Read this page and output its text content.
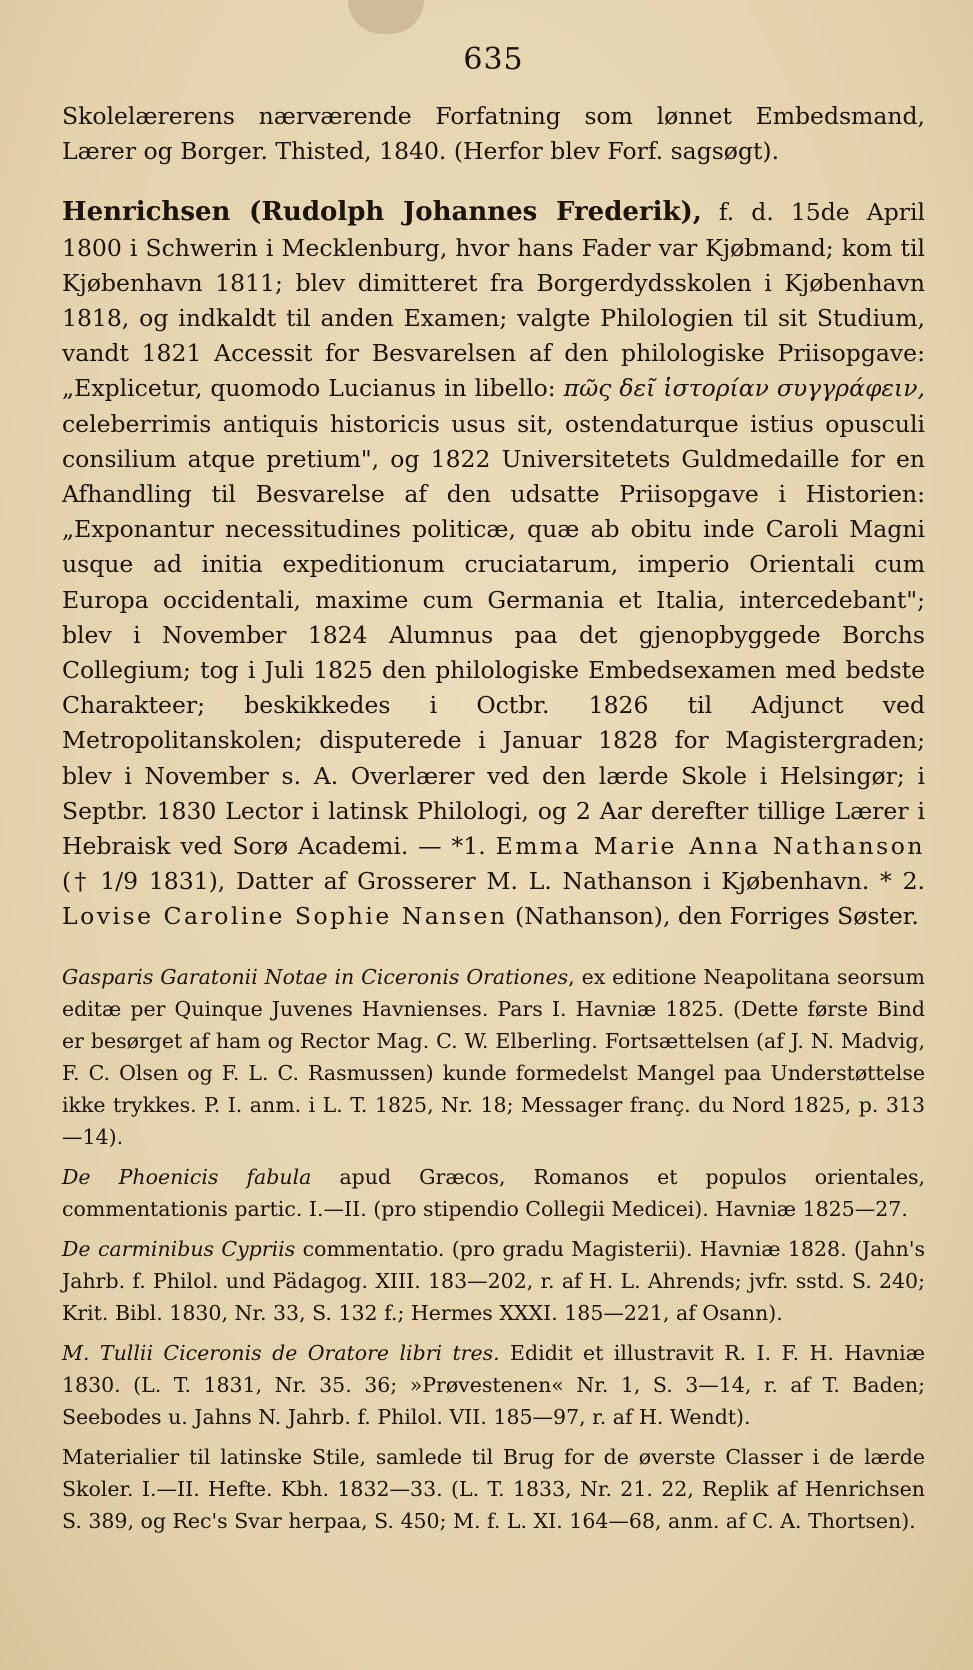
635

Skolelærerens nærværende Forfatning som lønnet Embedsmand, Lærer og Borger. Thisted, 1840. (Herfor blev Forf. sagsøgt).

Henrichsen (Rudolph Johannes Frederik), f. d. 15de April 1800 i Schwerin i Mecklenburg, hvor hans Fader var Kjøbmand; kom til Kjøbenhavn 1811; blev dimitteret fra Borgerdydsskolen i Kjøbenhavn 1818, og indkaldt til anden Examen; valgte Philologien til sit Studium, vandt 1821 Accessit for Besvarelsen af den philologiske Priisopgave: „Explicetur, quomodo Lucianus in libello: πῶς δεῖ ἱστορίαν συγγράφειν, celeberrimis antiquis historicis usus sit, ostendaturque istius opusculi consilium atque pretium", og 1822 Universitetets Guldmedaille for en Afhandling til Besvarelse af den udsatte Priisopgave i Historien: „Exponantur necessitudines politicæ, quæ ab obitu inde Caroli Magni usque ad initia expeditionum cruciatarum, imperio Orientali cum Europa occidentali, maxime cum Germania et Italia, intercedebant"; blev i November 1824 Alumnus paa det gjenopbyggede Borchs Collegium; tog i Juli 1825 den philologiske Embedsexamen med bedste Charakteer; beskikkedes i Octbr. 1826 til Adjunct ved Metropolitanskolen; disputerede i Januar 1828 for Magistergraden; blev i November s. A. Overlærer ved den lærde Skole i Helsingør; i Septbr. 1830 Lector i latinsk Philologi, og 2 Aar derefter tillige Lærer i Hebraisk ved Sorø Academi. — *1. Emma Marie Anna Nathanson († 1/9 1831), Datter af Grosserer M. L. Nathanson i Kjøbenhavn. * 2. Lovise Caroline Sophie Nansen (Nathanson), den Forriges Søster.

Gasparis Garatonii Notae in Ciceronis Orationes, ex editione Neapolitana seorsum editæ per Quinque Juvenes Havnienses. Pars I. Havniæ 1825. (Dette første Bind er besørget af ham og Rector Mag. C. W. Elberling. Fortsættelsen (af J. N. Madvig, F. C. Olsen og F. L. C. Rasmussen) kunde formedelst Mangel paa Understøttelse ikke trykkes. P. I. anm. i L. T. 1825, Nr. 18; Messager franç. du Nord 1825, p. 313—14).

De Phoenicis fabula apud Græcos, Romanos et populos orientales, commentationis partic. I.—II. (pro stipendio Collegii Medicei). Havniæ 1825—27.

De carminibus Cypriis commentatio. (pro gradu Magisterii). Havniæ 1828. (Jahn's Jahrb. f. Philol. und Pädagog. XIII. 183—202, r. af H. L. Ahrends; jvfr. sstd. S. 240; Krit. Bibl. 1830, Nr. 33, S. 132 f.; Hermes XXXI. 185—221, af Osann).

M. Tullii Ciceronis de Oratore libri tres. Edidit et illustravit R. I. F. H. Havniæ 1830. (L. T. 1831, Nr. 35. 36; »Prøvestenen« Nr. 1, S. 3—14, r. af T. Baden; Seebodes u. Jahns N. Jahrb. f. Philol. VII. 185—97, r. af H. Wendt).

Materialier til latinske Stile, samlede til Brug for de øverste Classer i de lærde Skoler. I.—II. Hefte. Kbh. 1832—33. (L. T. 1833, Nr. 21. 22, Replik af Henrichsen S. 389, og Rec's Svar herpaa, S. 450; M. f. L. XI. 164—68, anm. af C. A. Thortsen).
